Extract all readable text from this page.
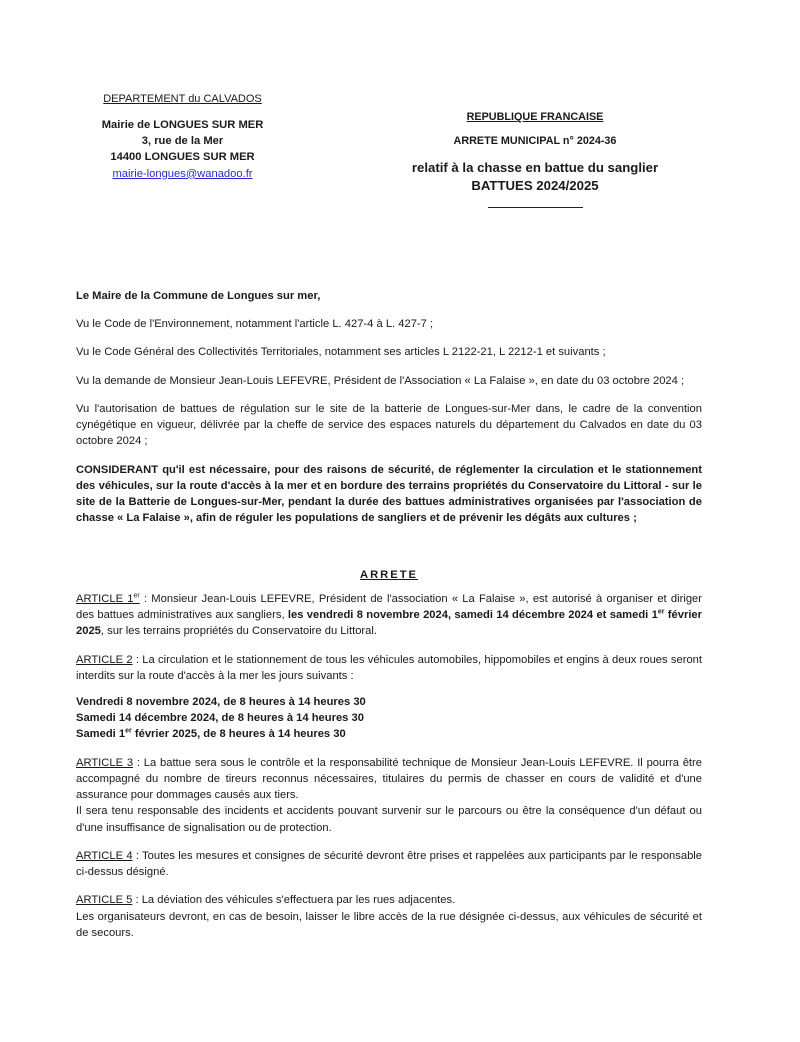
DEPARTEMENT du CALVADOS
Mairie de LONGUES SUR MER
3, rue de la Mer
14400 LONGUES SUR MER
mairie-longues@wanadoo.fr
REPUBLIQUE FRANCAISE
ARRETE MUNICIPAL n° 2024-36
relatif à la chasse en battue du sanglier
BATTUES 2024/2025

Le Maire de la Commune de Longues sur mer,

Vu le Code de l'Environnement, notamment l'article L. 427-4 à L. 427-7 ;

Vu le Code Général des Collectivités Territoriales, notamment ses articles L 2122-21, L 2212-1 et suivants ;

Vu la demande de Monsieur Jean-Louis LEFEVRE, Président de l'Association « La Falaise », en date du 03 octobre 2024 ;

Vu l'autorisation de battues de régulation sur le site de la batterie de Longues-sur-Mer dans, le cadre de la convention cynégétique en vigueur, délivrée par la cheffe de service des espaces naturels du département du Calvados en date du 03 octobre 2024 ;

CONSIDERANT qu'il est nécessaire, pour des raisons de sécurité, de réglementer la circulation et le stationnement des véhicules, sur la route d'accès à la mer et en bordure des terrains propriétés du Conservatoire du Littoral - sur le site de la Batterie de Longues-sur-Mer, pendant la durée des battues administratives organisées par l'association de chasse « La Falaise », afin de réguler les populations de sangliers et de prévenir les dégâts aux cultures ;

ARRETE

ARTICLE 1er : Monsieur Jean-Louis LEFEVRE, Président de l'association « La Falaise », est autorisé à organiser et diriger des battues administratives aux sangliers, les vendredi 8 novembre 2024, samedi 14 décembre 2024 et samedi 1er février 2025, sur les terrains propriétés du Conservatoire du Littoral.

ARTICLE 2 : La circulation et le stationnement de tous les véhicules automobiles, hippomobiles et engins à deux roues seront interdits sur la route d'accès à la mer les jours suivants :

Vendredi 8 novembre 2024, de 8 heures à 14 heures 30

Samedi 14 décembre 2024, de 8 heures à 14 heures 30

Samedi 1er février 2025, de 8 heures à 14 heures 30

ARTICLE 3 : La battue sera sous le contrôle et la responsabilité technique de Monsieur Jean-Louis LEFEVRE. Il pourra être accompagné du nombre de tireurs reconnus nécessaires, titulaires du permis de chasser en cours de validité et d'une assurance pour dommages causés aux tiers.

Il sera tenu responsable des incidents et accidents pouvant survenir sur le parcours ou être la conséquence d'un défaut ou d'une insuffisance de signalisation ou de protection.

ARTICLE 4 : Toutes les mesures et consignes de sécurité devront être prises et rappelées aux participants par le responsable ci-dessus désigné.

ARTICLE 5 : La déviation des véhicules s'effectuera par les rues adjacentes.

Les organisateurs devront, en cas de besoin, laisser le libre accès de la rue désignée ci-dessus, aux véhicules de sécurité et de secours.
